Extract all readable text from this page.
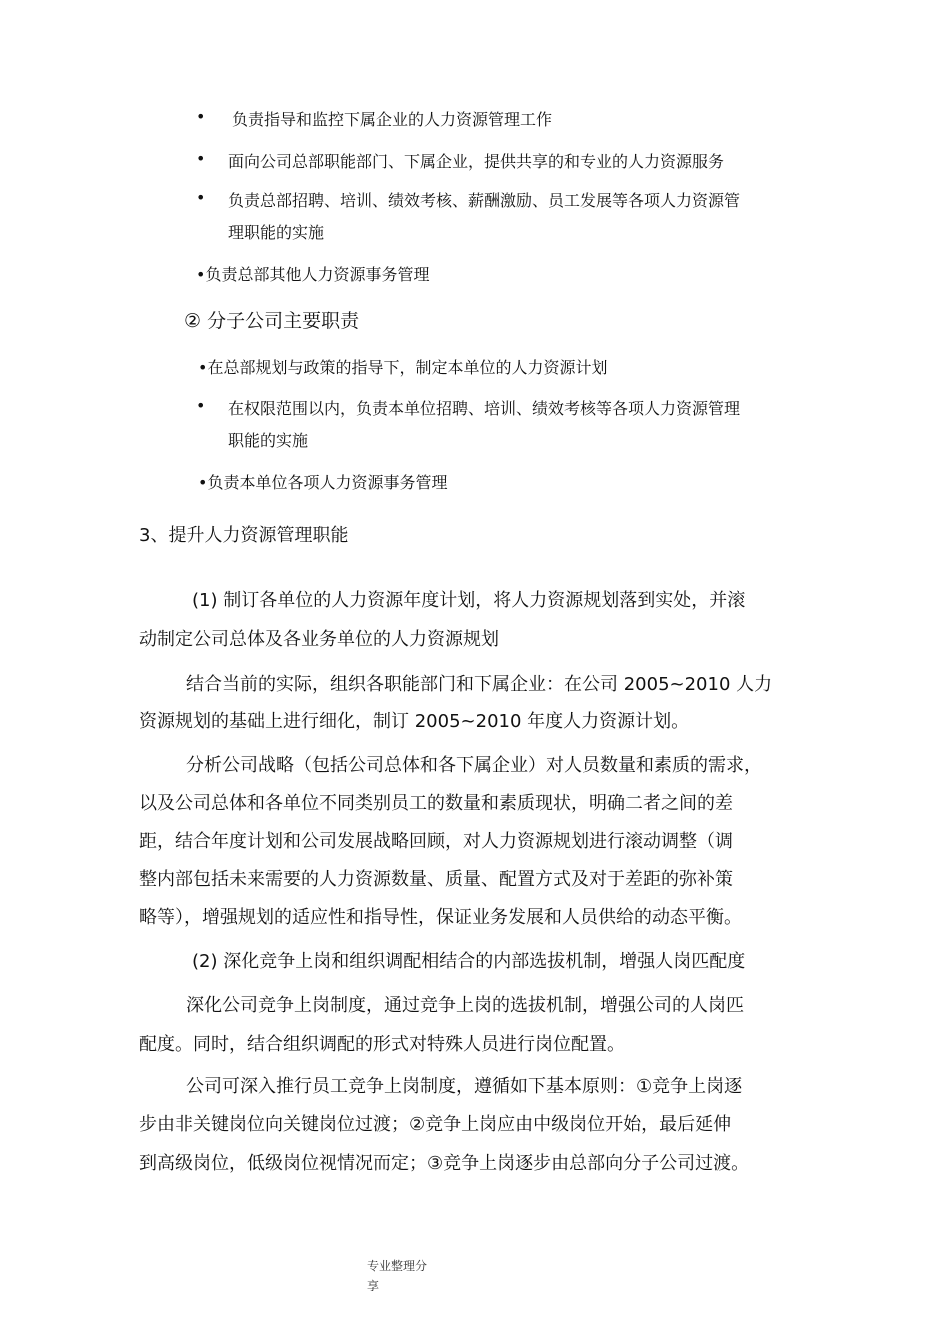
• 负责指导和监控下属企业的人力资源管理工作
• 面向公司总部职能部门、下属企业，提供共享的和专业的人力资源服务
• 负责总部招聘、培训、绩效考核、薪酬激励、员工发展等各项人力资源管
理职能的实施
•负责总部其他人力资源事务管理
② 分子公司主要职责
•在总部规划与政策的指导下，制定本单位的人力资源计划
• 在权限范围以内，负责本单位招聘、培训、绩效考核等各项人力资源管理
职能的实施
•负责本单位各项人力资源事务管理
3、提升人力资源管理职能
(1) 制订各单位的人力资源年度计划，将人力资源规划落到实处，并滚
动制定公司总体及各业务单位的人力资源规划
结合当前的实际，组织各职能部门和下属企业：在公司 2005~2010 人力
资源规划的基础上进行细化，制订 2005~2010 年度人力资源计划。
分析公司战略（包括公司总体和各下属企业）对人员数量和素质的需求，
以及公司总体和各单位不同类别员工的数量和素质现状，明确二者之间的差
距，结合年度计划和公司发展战略回顾，对人力资源规划进行滚动调整（调
整内部包括未来需要的人力资源数量、质量、配置方式及对于差距的弥补策
略等），增强规划的适应性和指导性，保证业务发展和人员供给的动态平衡。
(2) 深化竞争上岗和组织调配相结合的内部选拔机制，增强人岗匹配度
深化公司竞争上岗制度，通过竞争上岗的选拔机制，增强公司的人岗匹
配度。同时，结合组织调配的形式对特殊人员进行岗位配置。
公司可深入推行员工竞争上岗制度，遵循如下基本原则：①竞争上岗逐
步由非关键岗位向关键岗位过渡；②竞争上岗应由中级岗位开始，最后延伸
到高级岗位，低级岗位视情况而定；③竞争上岗逐步由总部向分子公司过渡。
专业整理分
享
